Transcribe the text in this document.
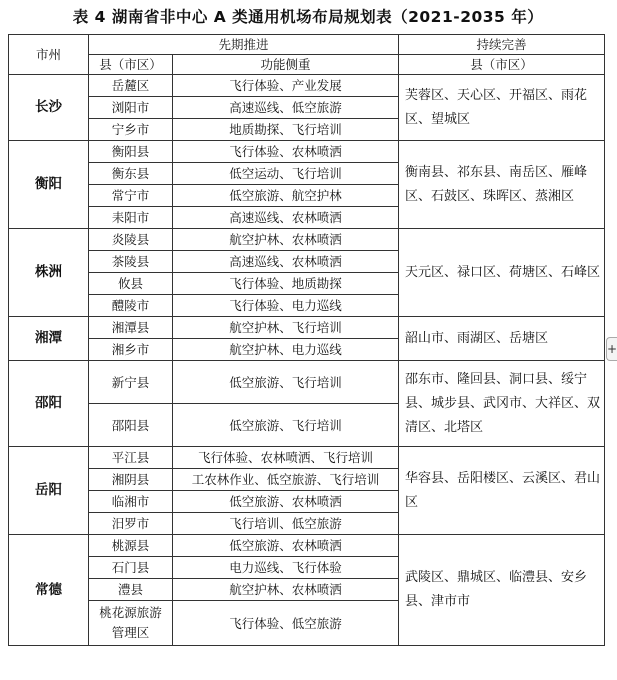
表 4 湖南省非中心 A 类通用机场布局规划表（2021-2035 年）
市州	先期推进		持续完善
	县（市区）	功能侧重	县（市区）
长沙	岳麓区	飞行体验、产业发展	芙蓉区、天心区、开福区、雨花区、望城区
	浏阳市	高速巡线、低空旅游	
	宁乡市	地质勘探、飞行培训	
衡阳	衡阳县	飞行体验、农林喷洒	衡南县、祁东县、南岳区、雁峰区、石鼓区、珠晖区、蒸湘区
	衡东县	低空运动、飞行培训	
	常宁市	低空旅游、航空护林	
	耒阳市	高速巡线、农林喷洒	
株洲	炎陵县	航空护林、农林喷洒	天元区、禄口区、荷塘区、石峰区
	茶陵县	高速巡线、农林喷洒	
	攸县	飞行体验、地质勘探	
	醴陵市	飞行体验、电力巡线	
湘潭	湘潭县	航空护林、飞行培训	韶山市、雨湖区、岳塘区
	湘乡市	航空护林、电力巡线	
邵阳	新宁县	低空旅游、飞行培训	邵东市、隆回县、洞口县、绥宁县、城步县、武冈市、大祥区、双清区、北塔区
	邵阳县	低空旅游、飞行培训	
岳阳	平江县	飞行体验、农林喷洒、飞行培训	华容县、岳阳楼区、云溪区、君山区
	湘阴县	工农林作业、低空旅游、飞行培训	
	临湘市	低空旅游、农林喷洒	
	汨罗市	飞行培训、低空旅游	
常德	桃源县	低空旅游、农林喷洒	武陵区、鼎城区、临澧县、安乡县、津市市
	石门县	电力巡线、飞行体验	
	澧县	航空护林、农林喷洒	
	桃花源旅游管理区	飞行体验、低空旅游	
+
